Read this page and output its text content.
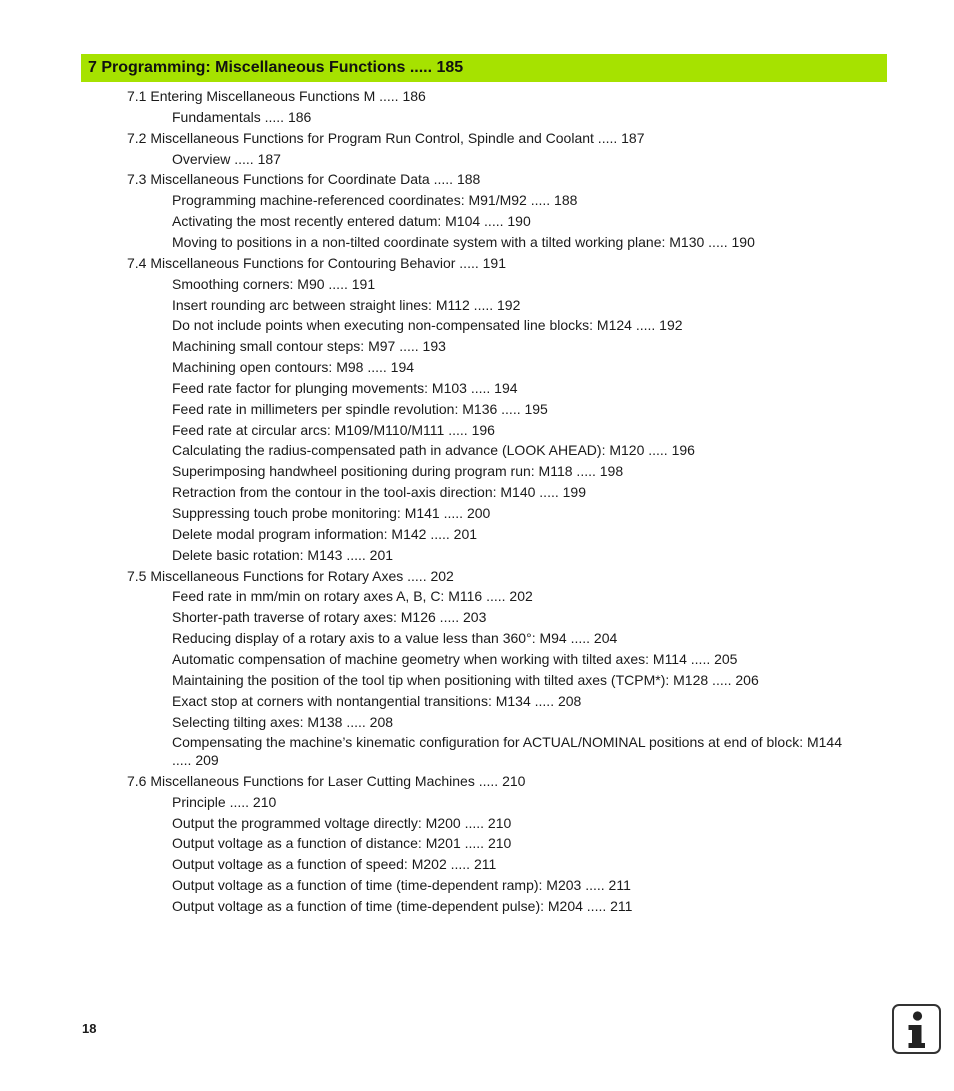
7 Programming: Miscellaneous Functions ..... 185
7.1 Entering Miscellaneous Functions M ..... 186
Fundamentals ..... 186
7.2 Miscellaneous Functions for Program Run Control, Spindle and Coolant ..... 187
Overview ..... 187
7.3 Miscellaneous Functions for Coordinate Data ..... 188
Programming machine-referenced coordinates: M91/M92 ..... 188
Activating the most recently entered datum: M104 ..... 190
Moving to positions in a non-tilted coordinate system with a tilted working plane: M130 ..... 190
7.4 Miscellaneous Functions for Contouring Behavior ..... 191
Smoothing corners: M90 ..... 191
Insert rounding arc between straight lines: M112 ..... 192
Do not include points when executing non-compensated line blocks: M124 ..... 192
Machining small contour steps: M97 ..... 193
Machining open contours: M98 ..... 194
Feed rate factor for plunging movements: M103 ..... 194
Feed rate in millimeters per spindle revolution: M136 ..... 195
Feed rate at circular arcs: M109/M110/M111 ..... 196
Calculating the radius-compensated path in advance (LOOK AHEAD): M120 ..... 196
Superimposing handwheel positioning during program run: M118 ..... 198
Retraction from the contour in the tool-axis direction: M140 ..... 199
Suppressing touch probe monitoring: M141 ..... 200
Delete modal program information: M142 ..... 201
Delete basic rotation: M143 ..... 201
7.5 Miscellaneous Functions for Rotary Axes ..... 202
Feed rate in mm/min on rotary axes A, B, C: M116 ..... 202
Shorter-path traverse of rotary axes: M126 ..... 203
Reducing display of a rotary axis to a value less than 360°: M94 ..... 204
Automatic compensation of machine geometry when working with tilted axes: M114 ..... 205
Maintaining the position of the tool tip when positioning with tilted axes (TCPM*): M128 ..... 206
Exact stop at corners with nontangential transitions: M134 ..... 208
Selecting tilting axes: M138 ..... 208
Compensating the machine’s kinematic configuration for ACTUAL/NOMINAL positions at end of block: M144 ..... 209
7.6 Miscellaneous Functions for Laser Cutting Machines ..... 210
Principle ..... 210
Output the programmed voltage directly: M200 ..... 210
Output voltage as a function of distance: M201 ..... 210
Output voltage as a function of speed: M202 ..... 211
Output voltage as a function of time (time-dependent ramp): M203 ..... 211
Output voltage as a function of time (time-dependent pulse): M204 ..... 211
18
